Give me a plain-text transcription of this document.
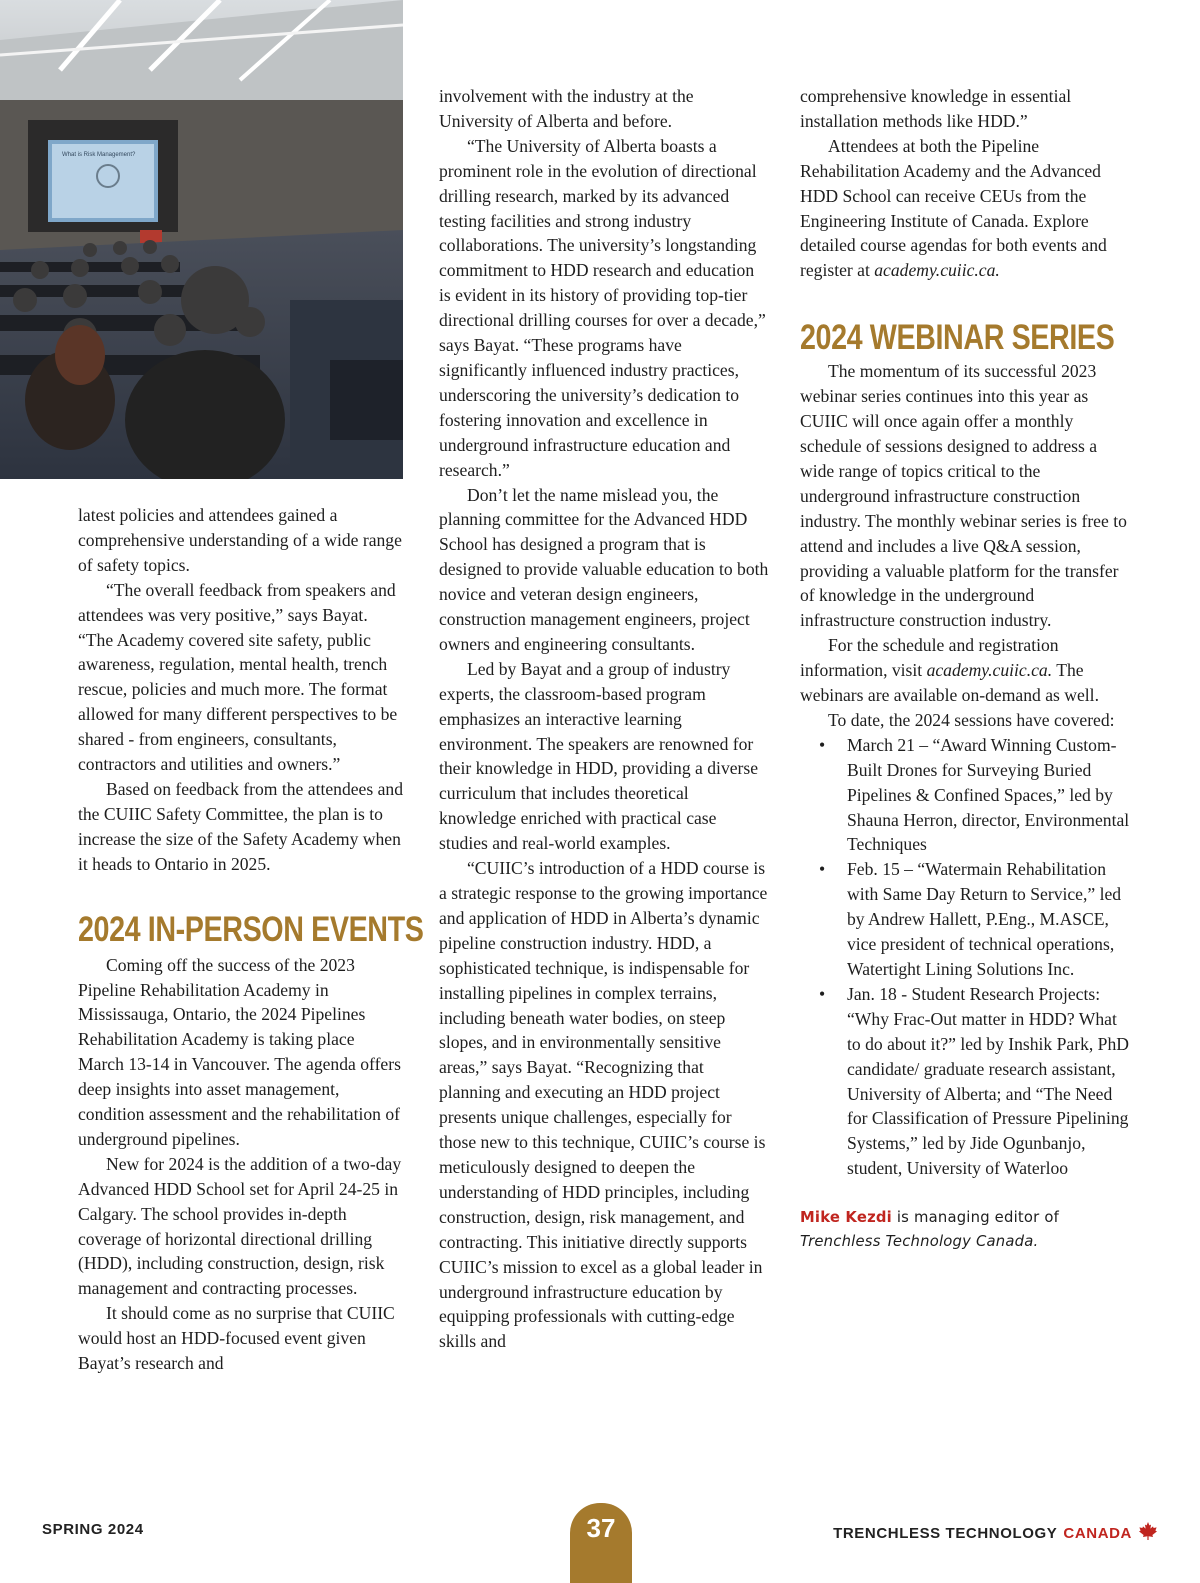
What is Risk Management?

latest policies and attendees gained a comprehensive understanding of a wide range of safety topics.

“The overall feedback from speakers and attendees was very positive,” says Bayat. “The Academy covered site safety, public awareness, regulation, mental health, trench rescue, policies and much more. The format allowed for many different perspectives to be shared - from engineers, consultants, contractors and utilities and owners.”

Based on feedback from the attendees and the CUIIC Safety Committee, the plan is to increase the size of the Safety Academy when it heads to Ontario in 2025.

2024 IN-PERSON EVENTS

Coming off the success of the 2023 Pipeline Rehabilitation Academy in Mississauga, Ontario, the 2024 Pipelines Rehabilitation Academy is taking place March 13-14 in Vancouver. The agenda offers deep insights into asset management, condition assessment and the rehabilitation of underground pipelines.

New for 2024 is the addition of a two-day Advanced HDD School set for April 24-25 in Calgary. The school provides in-depth coverage of horizontal directional drilling (HDD), including construction, design, risk management and contracting processes.

It should come as no surprise that CUIIC would host an HDD-focused event given Bayat’s research and

involvement with the industry at the University of Alberta and before.

“The University of Alberta boasts a prominent role in the evolution of directional drilling research, marked by its advanced testing facilities and strong industry collaborations. The university’s longstanding commitment to HDD research and education is evident in its history of providing top-tier directional drilling courses for over a decade,” says Bayat. “These programs have significantly influenced industry practices, underscoring the university’s dedication to fostering innovation and excellence in underground infrastructure education and research.”

Don’t let the name mislead you, the planning committee for the Advanced HDD School has designed a program that is designed to provide valuable education to both novice and veteran design engineers, construction management engineers, project owners and engineering consultants.

Led by Bayat and a group of industry experts, the classroom-based program emphasizes an interactive learning environment. The speakers are renowned for their knowledge in HDD, providing a diverse curriculum that includes theoretical knowledge enriched with practical case studies and real-world examples.

“CUIIC’s introduction of a HDD course is a strategic response to the growing importance and application of HDD in Alberta’s dynamic pipeline construction industry. HDD, a sophisticated technique, is indispensable for installing pipelines in complex terrains, including beneath water bodies, on steep slopes, and in environmentally sensitive areas,” says Bayat. “Recognizing that planning and executing an HDD project presents unique challenges, especially for those new to this technique, CUIIC’s course is meticulously designed to deepen the understanding of HDD principles, including construction, design, risk management, and contracting. This initiative directly supports CUIIC’s mission to excel as a global leader in underground infrastructure education by equipping professionals with cutting-edge skills and

comprehensive knowledge in essential installation methods like HDD.”

Attendees at both the Pipeline Rehabilitation Academy and the Advanced HDD School can receive CEUs from the Engineering Institute of Canada. Explore detailed course agendas for both events and register at academy.cuiic.ca.

2024 WEBINAR SERIES

The momentum of its successful 2023 webinar series continues into this year as CUIIC will once again offer a monthly schedule of sessions designed to address a wide range of topics critical to the underground infrastructure construction industry. The monthly webinar series is free to attend and includes a live Q&A session, providing a valuable platform for the transfer of knowledge in the underground infrastructure construction industry.

For the schedule and registration information, visit academy.cuiic.ca. The webinars are available on-demand as well.

To date, the 2024 sessions have covered:

• March 21 – “Award Winning Custom-Built Drones for Surveying Buried Pipelines & Confined Spaces,” led by Shauna Herron, director, Environmental Techniques
• Feb. 15 – “Watermain Rehabilitation with Same Day Return to Service,” led by Andrew Hallett, P.Eng., M.ASCE, vice president of technical operations, Watertight Lining Solutions Inc.
• Jan. 18 - Student Research Projects: “Why Frac-Out matter in HDD? What to do about it?” led by Inshik Park, PhD candidate/ graduate research assistant, University of Alberta; and “The Need for Classification of Pressure Pipelining Systems,” led by Jide Ogunbanjo, student, University of Waterloo
Mike Kezdi is managing editor of Trenchless Technology Canada.
SPRING 2024	37	TRENCHLESS TECHNOLOGY CANADA
